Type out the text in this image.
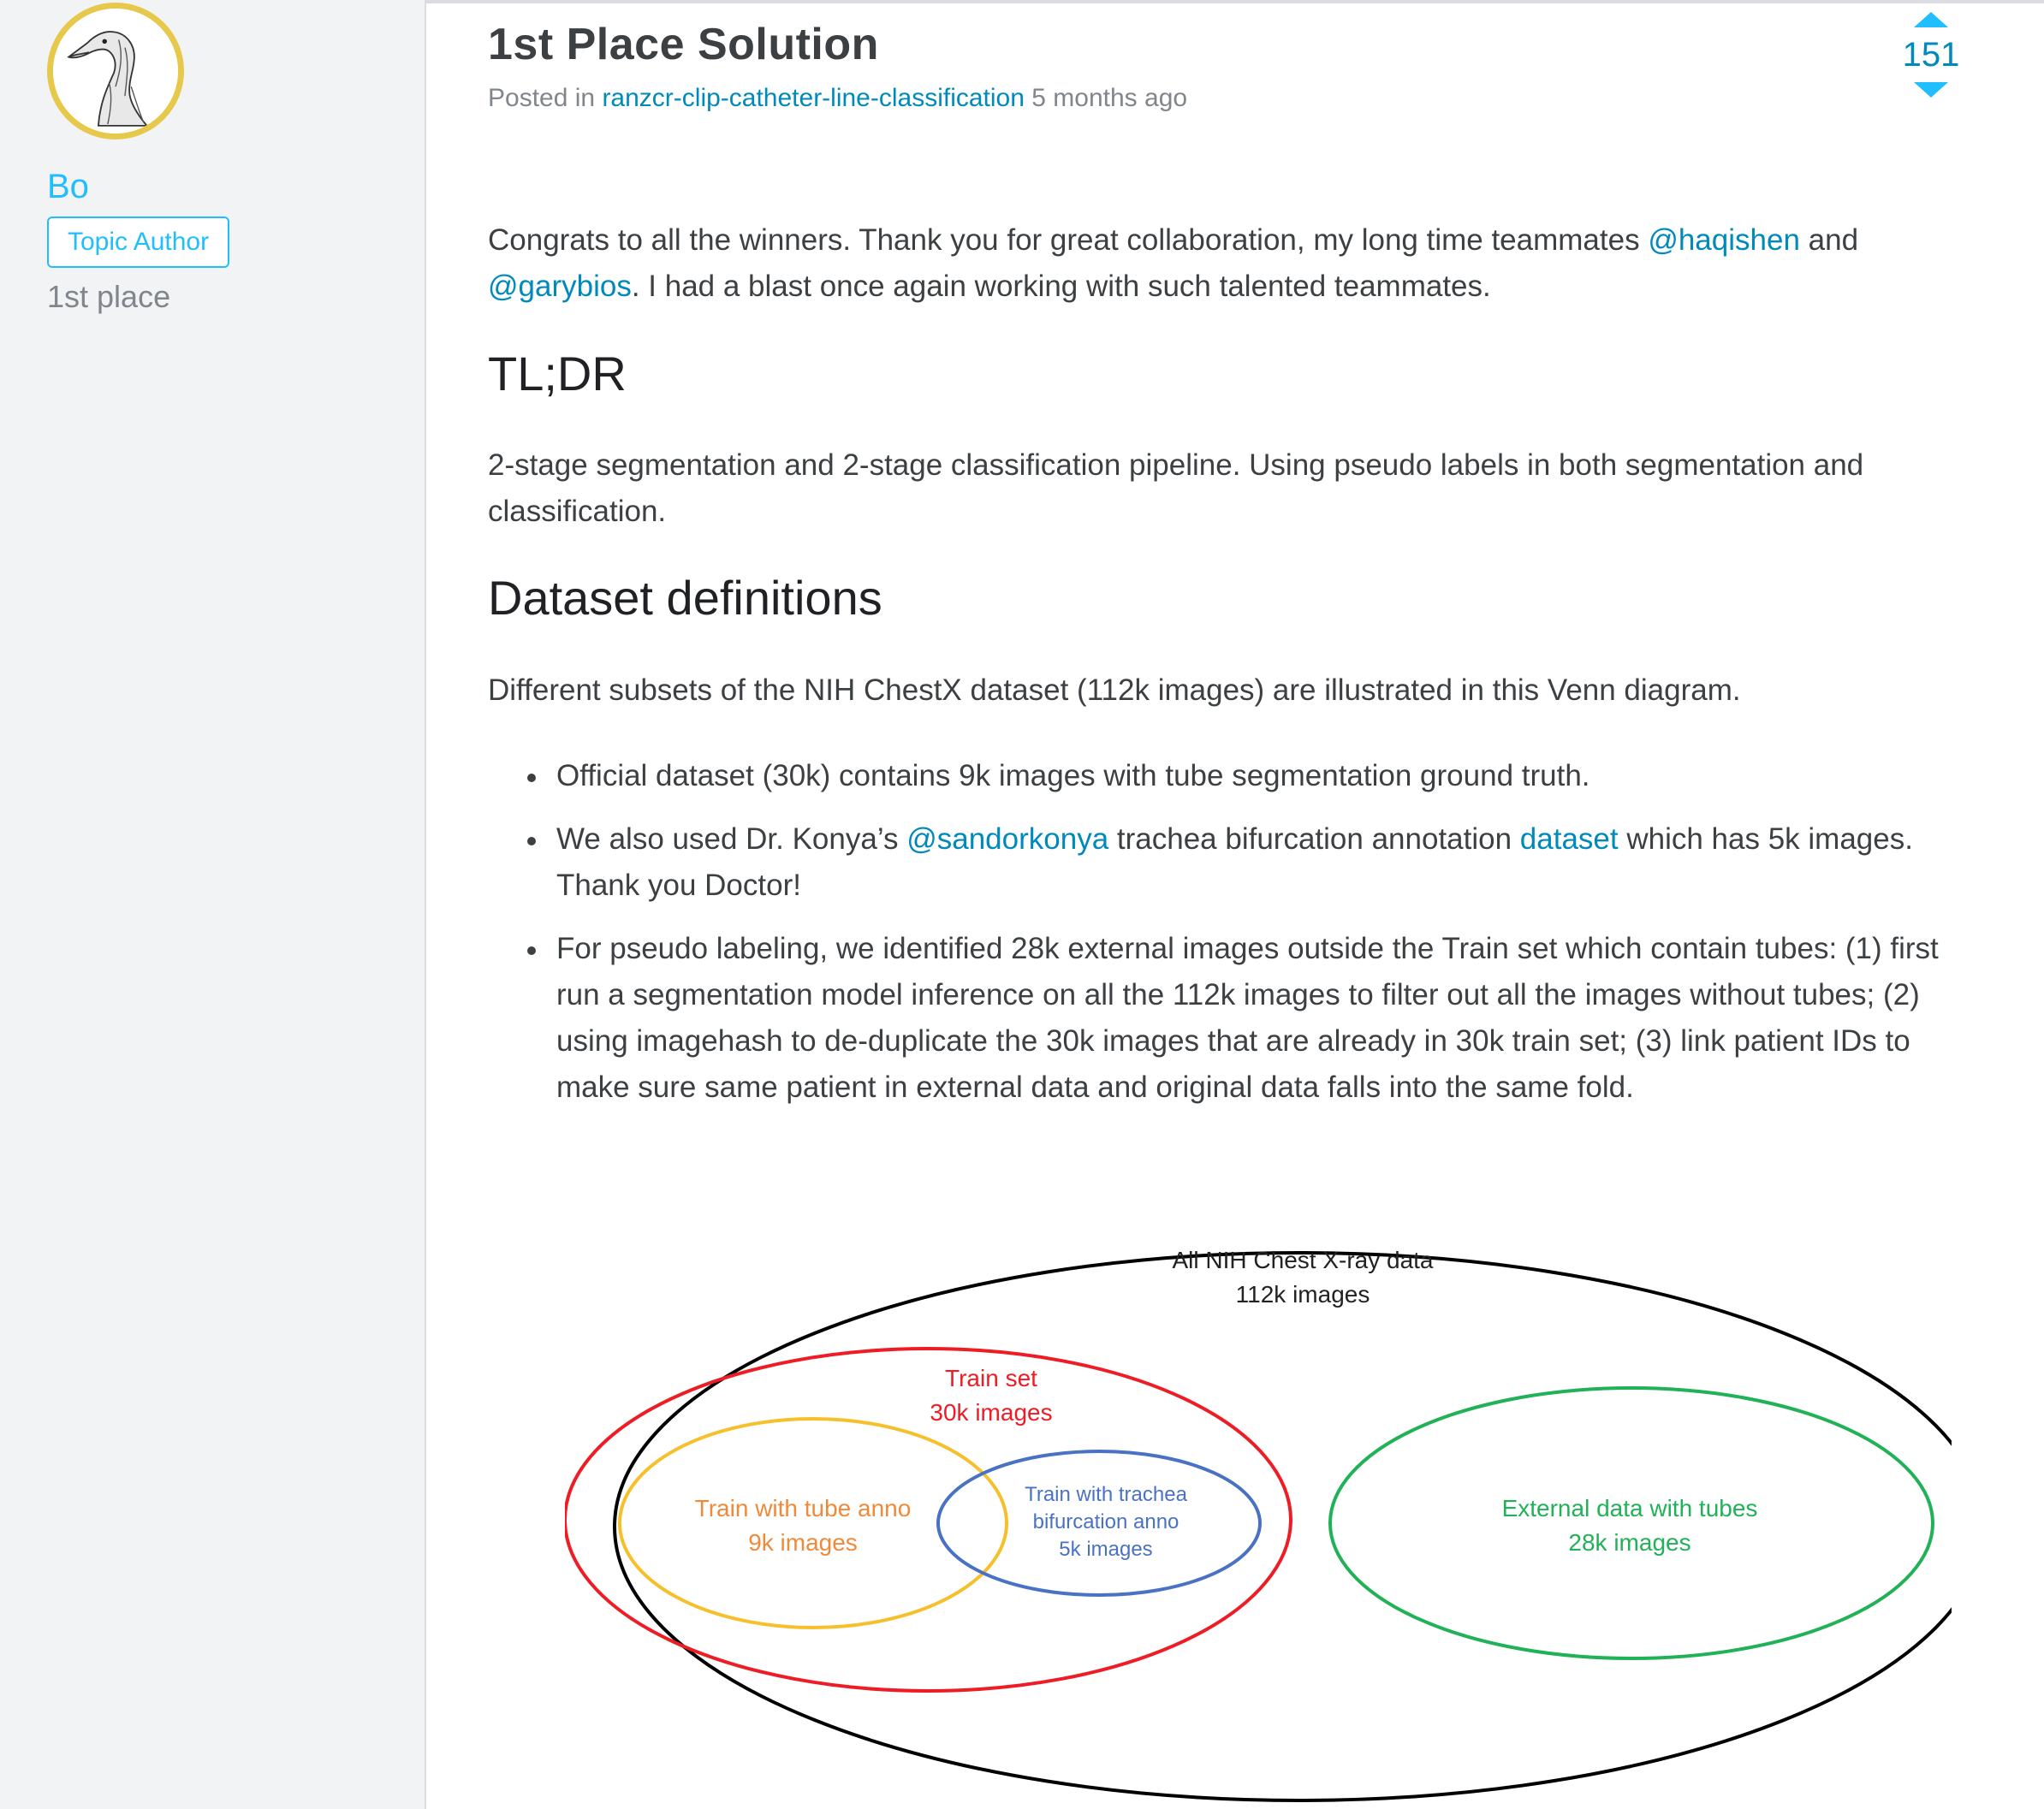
Bo
Topic Author
1st place
1st Place Solution
Posted in ranzcr-clip-catheter-line-classification 5 months ago
151

Congrats to all the winners. Thank you for great collaboration, my long time teammates @haqishen and @garybios. I had a blast once again working with such talented teammates.

TL;DR

2-stage segmentation and 2-stage classification pipeline. Using pseudo labels in both segmentation and classification.

Dataset definitions

Different subsets of the NIH ChestX dataset (112k images) are illustrated in this Venn diagram.

Official dataset (30k) contains 9k images with tube segmentation ground truth.
We also used Dr. Konya’s @sandorkonya trachea bifurcation annotation dataset which has 5k images. Thank you Doctor!
For pseudo labeling, we identified 28k external images outside the Train set which contain tubes: (1) first run a segmentation model inference on all the 112k images to filter out all the images without tubes; (2) using imagehash to de-duplicate the 30k images that are already in 30k train set; (3) link patient IDs to make sure same patient in external data and original data falls into the same fold.
All NIH Chest X-ray data
112k images
Train set
30k images
Train with tube anno
9k images
Train with trachea
bifurcation anno
5k images
External data with tubes
28k images
